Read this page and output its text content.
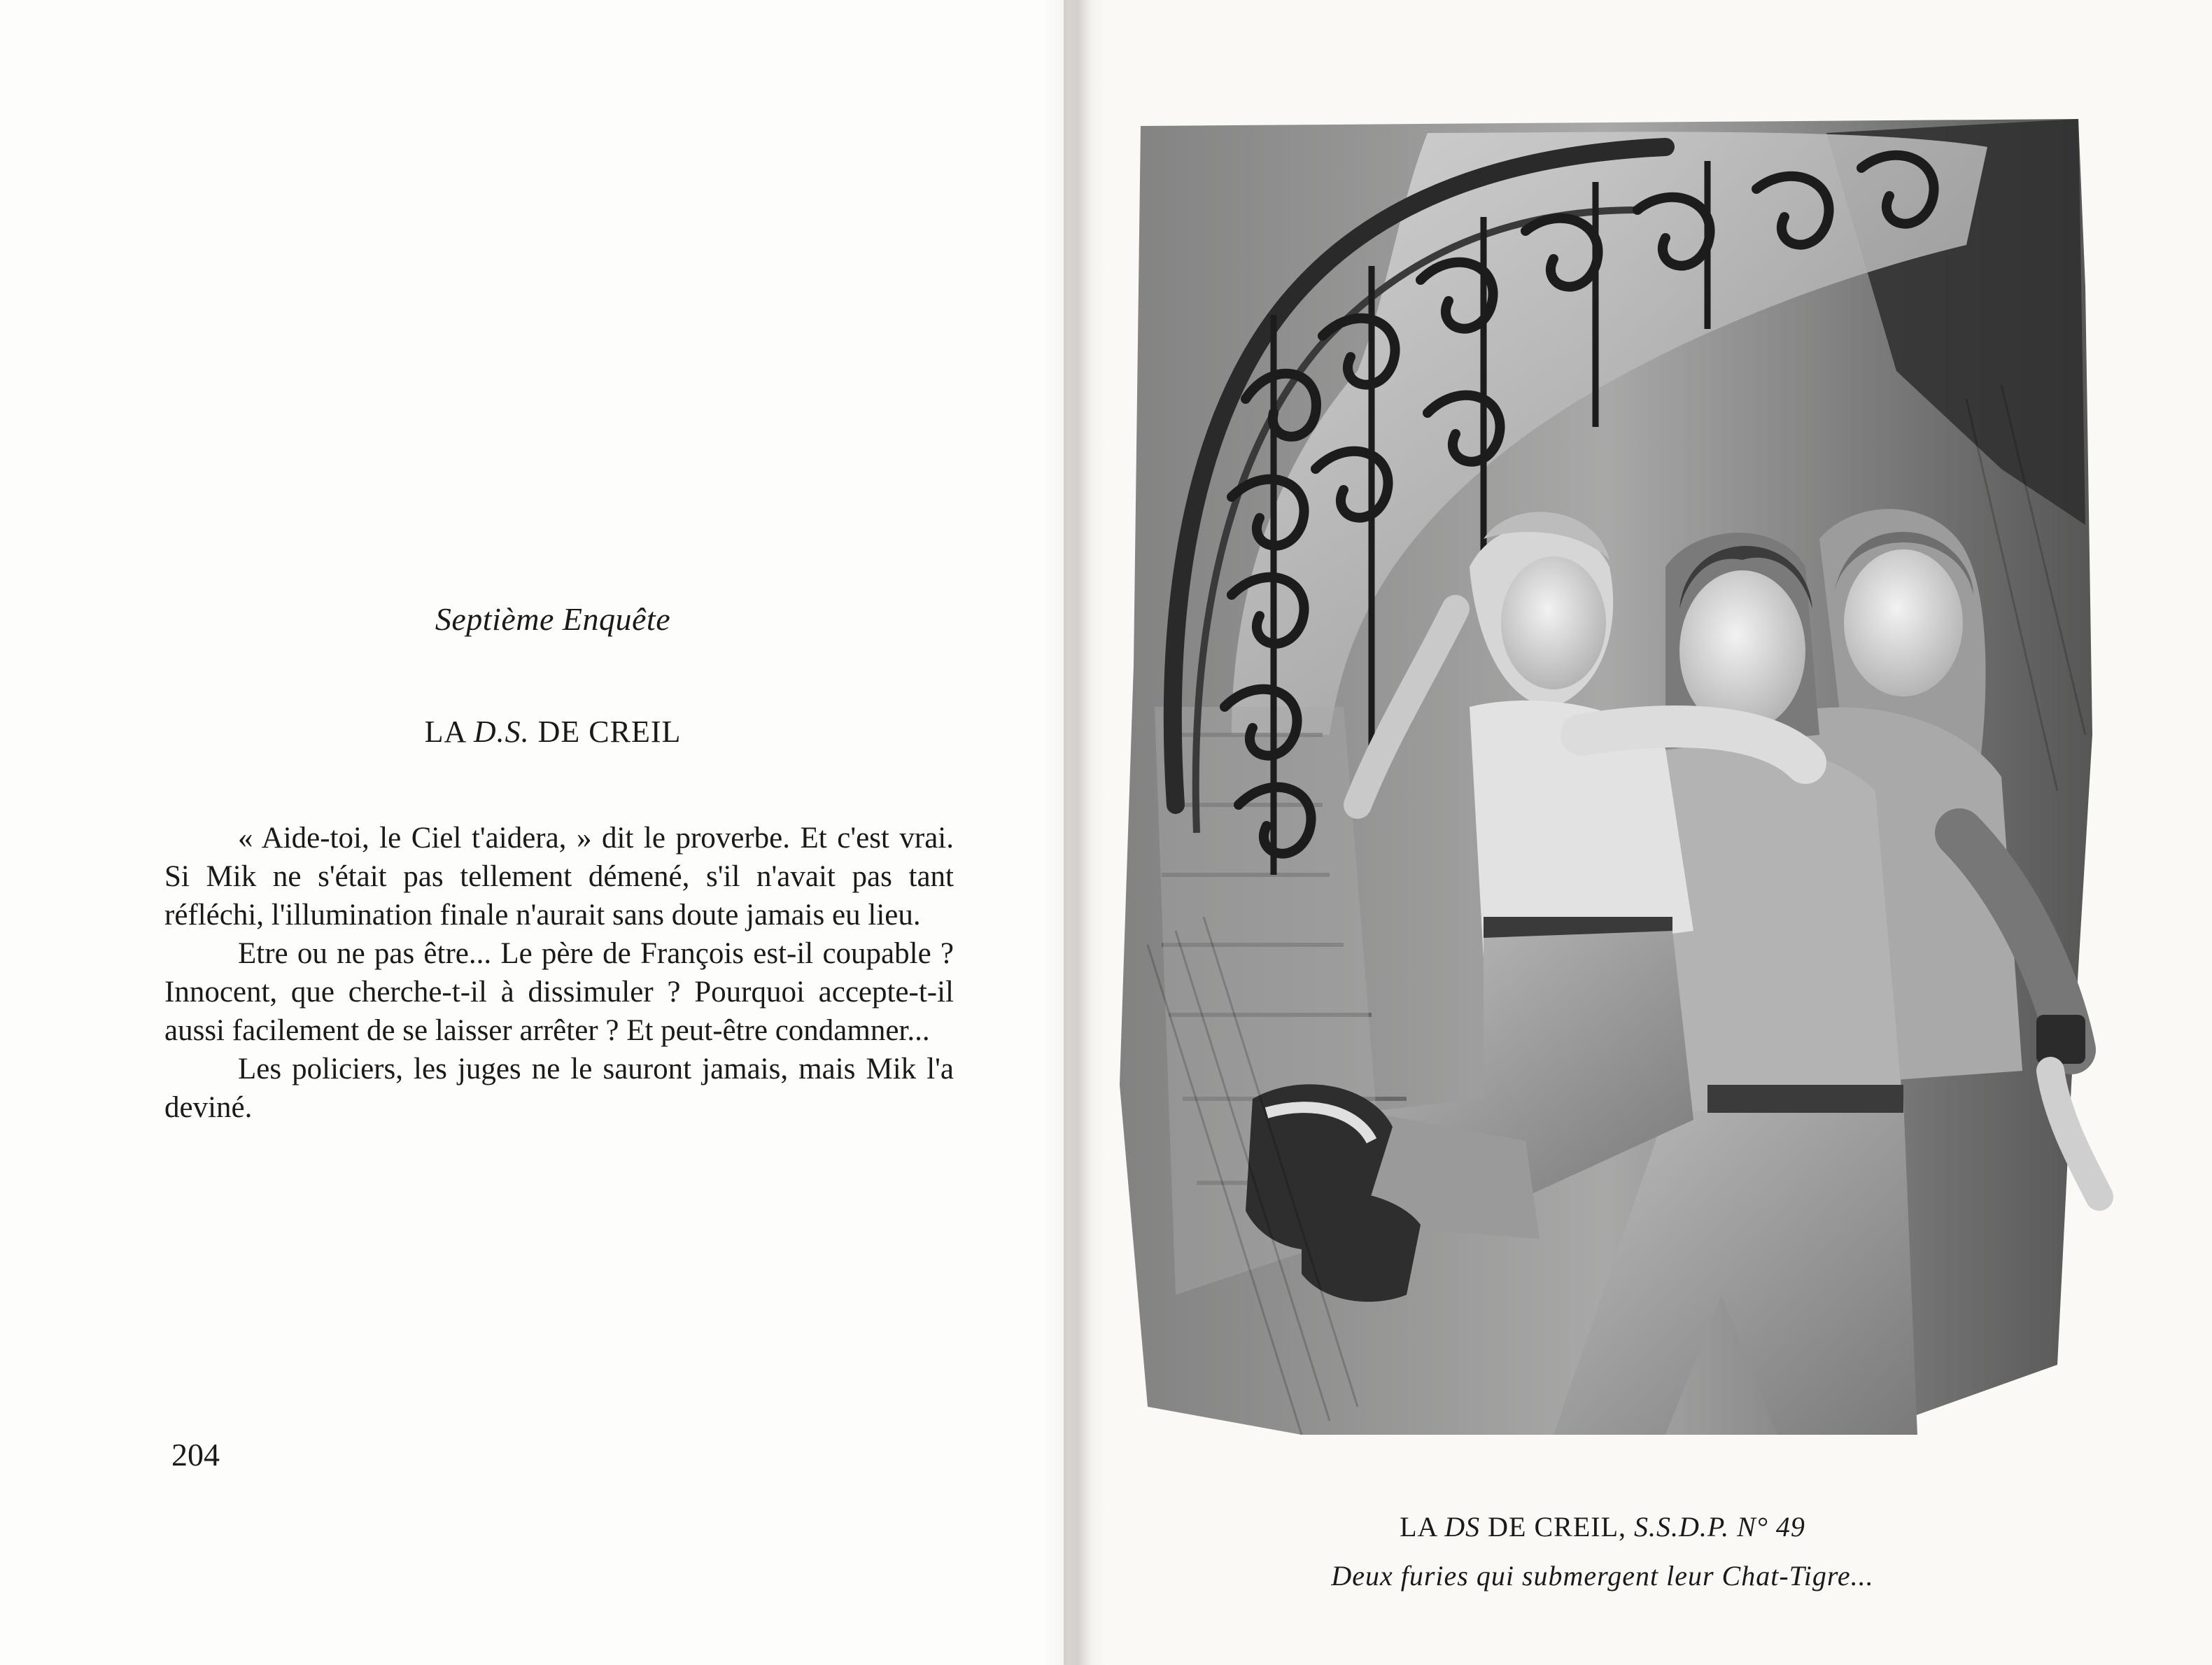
Septième Enquête
LA D.S. DE CREIL

« Aide-toi, le Ciel t'aidera, » dit le proverbe. Et c'est vrai. Si Mik ne s'était pas tellement démené, s'il n'avait pas tant réfléchi, l'illumination finale n'aurait sans doute jamais eu lieu.

Etre ou ne pas être... Le père de François est-il coupable ? Innocent, que cherche-t-il à dissimuler ? Pourquoi accepte-t-il aussi facilement de se laisser arrêter ? Et peut-être condamner...

Les policiers, les juges ne le sauront jamais, mais Mik l'a deviné.

204
LA DS DE CREIL, S.S.D.P. N° 49
Deux furies qui submergent leur Chat-Tigre...
